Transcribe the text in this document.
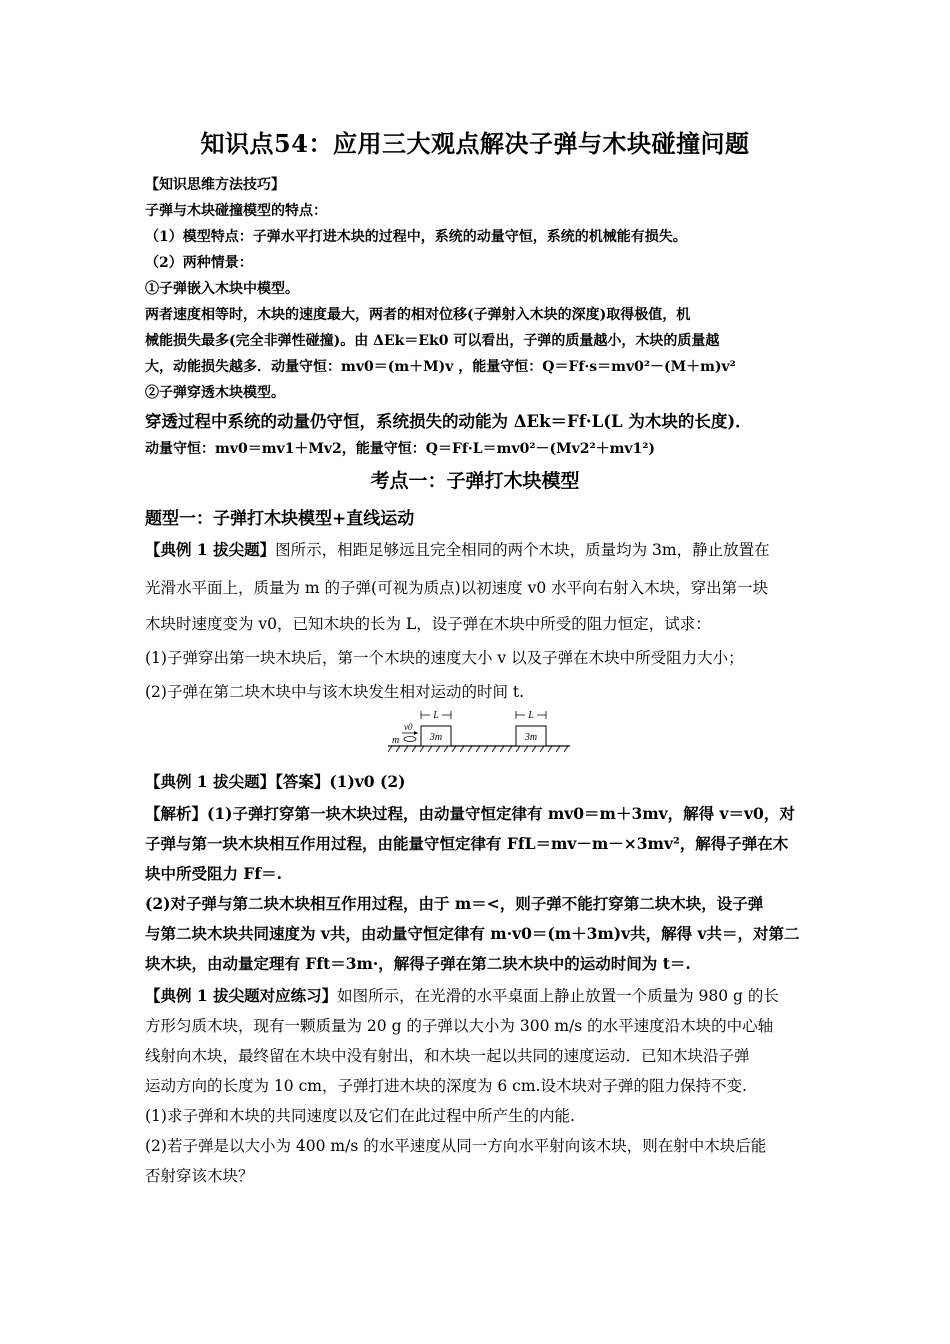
知识点54：应用三大观点解决子弹与木块碰撞问题
【知识思维方法技巧】
子弹与木块碰撞模型的特点：
（1）模型特点：子弹水平打进木块的过程中，系统的动量守恒，系统的机械能有损失。
（2）两种情景：
①子弹嵌入木块中模型。
两者速度相等时，木块的速度最大，两者的相对位移(子弹射入木块的深度)取得极值，机
械能损失最多(完全非弹性碰撞)。由 ΔEk＝Ek0 可以看出，子弹的质量越小，木块的质量越
大，动能损失越多．动量守恒：mv0＝(m＋M)v ，能量守恒：Q＝Ff·s＝mv0²－(M＋m)v²
②子弹穿透木块模型。
穿透过程中系统的动量仍守恒，系统损失的动能为 ΔEk＝Ff·L(L 为木块的长度)．
动量守恒：mv0＝mv1＋Mv2，能量守恒：Q＝Ff·L＝mv0²－(Mv2²＋mv1²)
考点一：子弹打木块模型
题型一：子弹打木块模型+直线运动
【典例 1 拔尖题】图所示，相距足够远且完全相同的两个木块，质量均为 3m，静止放置在
光滑水平面上，质量为 m 的子弹(可视为质点)以初速度 v0 水平向右射入木块，穿出第一块
木块时速度变为 v0，已知木块的长为 L，设子弹在木块中所受的阻力恒定，试求：
(1)子弹穿出第一块木块后，第一个木块的速度大小 v 以及子弹在木块中所受阻力大小；
(2)子弹在第二块木块中与该木块发生相对运动的时间 t.
3m	3m
L	L
v0
m
【典例 1 拔尖题】【答案】(1)v0 (2)
【解析】(1)子弹打穿第一块木块过程，由动量守恒定律有 mv0＝m＋3mv，解得 v＝v0，对
子弹与第一块木块相互作用过程，由能量守恒定律有 FfL＝mv－m－×3mv²，解得子弹在木
块中所受阻力 Ff＝.
(2)对子弹与第二块木块相互作用过程，由于 m＝<，则子弹不能打穿第二块木块，设子弹
与第二块木块共同速度为 v共，由动量守恒定律有 m·v0＝(m＋3m)v共，解得 v共＝，对第二
块木块，由动量定理有 Fft＝3m·，解得子弹在第二块木块中的运动时间为 t＝.
【典例 1 拔尖题对应练习】如图所示，在光滑的水平桌面上静止放置一个质量为 980 g 的长
方形匀质木块，现有一颗质量为 20 g 的子弹以大小为 300 m/s 的水平速度沿木块的中心轴
线射向木块，最终留在木块中没有射出，和木块一起以共同的速度运动．已知木块沿子弹
运动方向的长度为 10 cm，子弹打进木块的深度为 6 cm.设木块对子弹的阻力保持不变.
(1)求子弹和木块的共同速度以及它们在此过程中所产生的内能.
(2)若子弹是以大小为 400 m/s 的水平速度从同一方向水平射向该木块，则在射中木块后能
否射穿该木块？
